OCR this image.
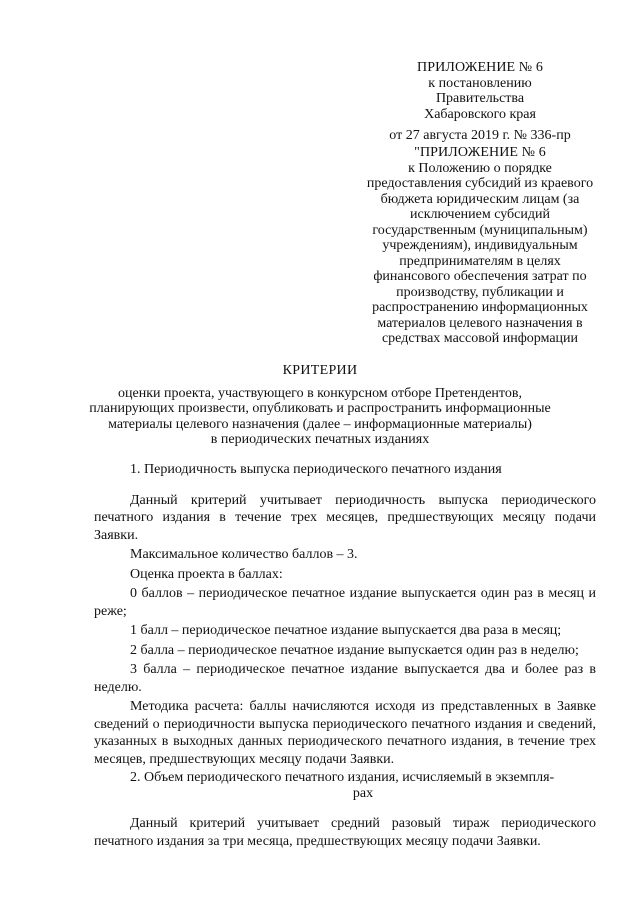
ПРИЛОЖЕНИЕ № 6
к постановлению
Правительства
Хабаровского края
от 27 августа 2019 г. № 336-пр
"ПРИЛОЖЕНИЕ № 6
к Положению о порядке
предоставления субсидий из краевого
бюджета юридическим лицам (за
исключением субсидий
государственным (муниципальным)
учреждениям), индивидуальным
предпринимателям в целях
финансового обеспечения затрат по
производству, публикации и
распространению информационных
материалов целевого назначения в
средствах массовой информации
КРИТЕРИИ
оценки проекта, участвующего в конкурсном отборе Претендентов,
планирующих произвести, опубликовать и распространить информационные
материалы целевого назначения (далее – информационные материалы)
в периодических печатных изданиях
1. Периодичность выпуска периодического печатного издания

Данный критерий учитывает периодичность выпуска периодического печатного издания в течение трех месяцев, предшествующих месяцу подачи Заявки.

Максимальное количество баллов – 3.

Оценка проекта в баллах:

0 баллов – периодическое печатное издание выпускается один раз в месяц и реже;

1 балл – периодическое печатное издание выпускается два раза в месяц;

2 балла – периодическое печатное издание выпускается один раз в неделю;

3 балла – периодическое печатное издание выпускается два и более раз в неделю.

Методика расчета: баллы начисляются исходя из представленных в Заявке сведений о периодичности выпуска периодического печатного издания и сведений, указанных в выходных данных периодического печатного издания, в течение трех месяцев, предшествующих месяцу подачи Заявки.

2. Объем периодического печатного издания, исчисляемый в экземпля-
рах

Данный критерий учитывает средний разовый тираж периодического печатного издания за три месяца, предшествующих месяцу подачи Заявки.
